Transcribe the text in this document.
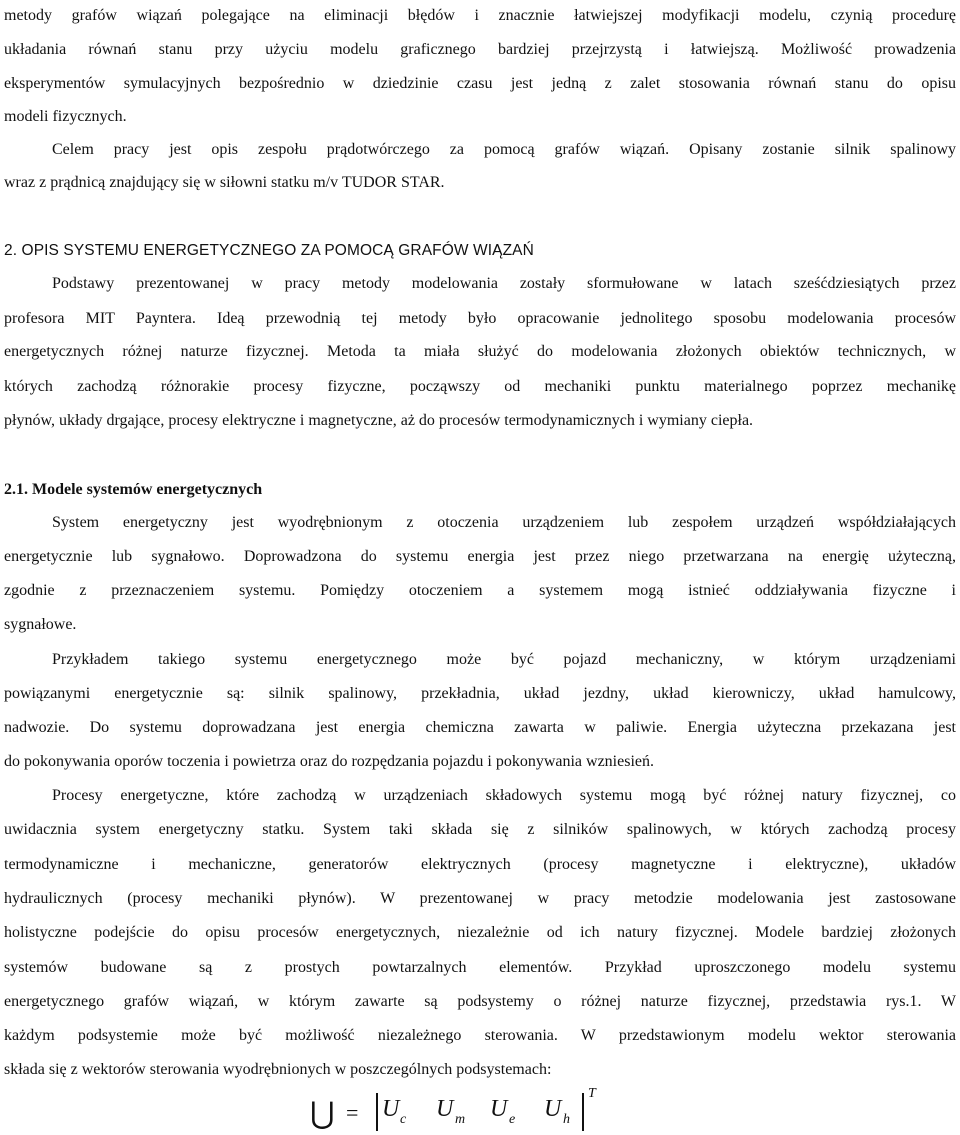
metody grafów wiązań polegające na eliminacji błędów i znacznie łatwiejszej modyfikacji modelu, czynią procedurę
układania równań stanu przy użyciu modelu graficznego bardziej przejrzystą i łatwiejszą. Możliwość prowadzenia
eksperymentów symulacyjnych bezpośrednio w dziedzinie czasu jest jedną z zalet stosowania równań stanu do opisu
modeli fizycznych.
Celem pracy jest opis zespołu prądotwórczego za pomocą grafów wiązań. Opisany zostanie silnik spalinowy
wraz z prądnicą znajdujący się w siłowni statku m/v TUDOR STAR.
2. OPIS SYSTEMU ENERGETYCZNEGO ZA POMOCĄ GRAFÓW WIĄZAŃ
Podstawy prezentowanej w pracy metody modelowania zostały sformułowane w latach sześćdziesiątych przez
profesora MIT Payntera. Ideą przewodnią tej metody było opracowanie jednolitego sposobu modelowania procesów
energetycznych różnej naturze fizycznej. Metoda ta miała służyć do modelowania złożonych obiektów technicznych, w
których zachodzą różnorakie procesy fizyczne, począwszy od mechaniki punktu materialnego poprzez mechanikę
płynów, układy drgające, procesy elektryczne i magnetyczne, aż do procesów termodynamicznych i wymiany ciepła.
2.1. Modele systemów energetycznych
System energetyczny jest wyodrębnionym z otoczenia urządzeniem lub zespołem urządzeń współdziałających
energetycznie lub sygnałowo. Doprowadzona do systemu energia jest przez niego przetwarzana na energię użyteczną,
zgodnie z przeznaczeniem systemu. Pomiędzy otoczeniem a systemem mogą istnieć oddziaływania fizyczne i
sygnałowe.
Przykładem takiego systemu energetycznego może być pojazd mechaniczny, w którym urządzeniami
powiązanymi energetycznie są: silnik spalinowy, przekładnia, układ jezdny, układ kierowniczy, układ hamulcowy,
nadwozie. Do systemu doprowadzana jest energia chemiczna zawarta w paliwie. Energia użyteczna przekazana jest
do pokonywania oporów toczenia i powietrza oraz do rozpędzania pojazdu i pokonywania wzniesień.
Procesy energetyczne, które zachodzą w urządzeniach składowych systemu mogą być różnej natury fizycznej, co
uwidacznia system energetyczny statku. System taki składa się z silników spalinowych, w których zachodzą procesy
termodynamiczne i mechaniczne, generatorów elektrycznych (procesy magnetyczne i elektryczne), układów
hydraulicznych (procesy mechaniki płynów). W prezentowanej w pracy metodzie modelowania jest zastosowane
holistyczne podejście do opisu procesów energetycznych, niezależnie od ich natury fizycznej. Modele bardziej złożonych
systemów budowane są z prostych powtarzalnych elementów. Przykład uproszczonego modelu systemu
energetycznego grafów wiązań, w którym zawarte są podsystemy o różnej naturze fizycznej, przedstawia rys.1. W
każdym podsystemie może być możliwość niezależnego sterowania. W przedstawionym modelu wektor sterowania
składa się z wektorów sterowania wyodrębnionych w poszczególnych podsystemach:
⋃ = U c U m U e U h
T
